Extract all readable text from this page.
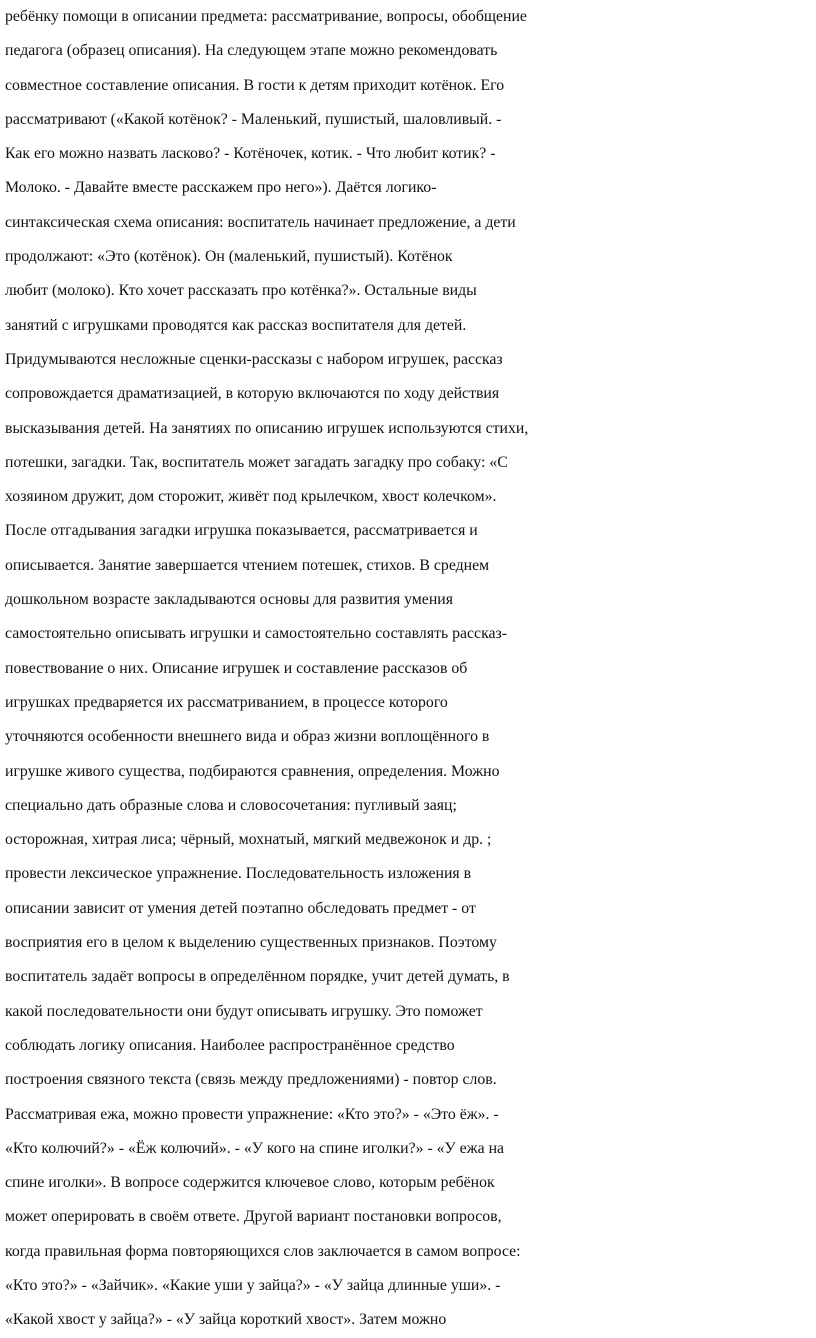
ребёнку помощи в описании предмета: рассматривание, вопросы, обобщение
педагога (образец описания). На следующем этапе можно рекомендовать
совместное составление описания. В гости к детям приходит котёнок. Его
рассматривают («Какой котёнок? - Маленький, пушистый, шаловливый. -
Как его можно назвать ласково? - Котёночек, котик. - Что любит котик? -
Молоко. - Давайте вместе расскажем про него»). Даётся логико-
синтаксическая схема описания: воспитатель начинает предложение, а дети
продолжают: «Это (котёнок). Он (маленький, пушистый). Котёнок
любит (молоко). Кто хочет рассказать про котёнка?». Остальные виды
занятий с игрушками проводятся как рассказ воспитателя для детей.
Придумываются несложные сценки-рассказы с набором игрушек, рассказ
сопровождается драматизацией, в которую включаются по ходу действия
высказывания детей. На занятиях по описанию игрушек используются стихи,
потешки, загадки. Так, воспитатель может загадать загадку про собаку: «С
хозяином дружит, дом сторожит, живёт под крылечком, хвост колечком».
После отгадывания загадки игрушка показывается, рассматривается и
описывается. Занятие завершается чтением потешек, стихов. В среднем
дошкольном возрасте закладываются основы для развития умения
самостоятельно описывать игрушки и самостоятельно составлять рассказ-
повествование о них. Описание игрушек и составление рассказов об
игрушках предваряется их рассматриванием, в процессе которого
уточняются особенности внешнего вида и образ жизни воплощённого в
игрушке живого существа, подбираются сравнения, определения. Можно
специально дать образные слова и словосочетания: пугливый заяц;
осторожная, хитрая лиса; чёрный, мохнатый, мягкий медвежонок и др. ;
провести лексическое упражнение. Последовательность изложения в
описании зависит от умения детей поэтапно обследовать предмет - от
восприятия его в целом к выделению существенных признаков. Поэтому
воспитатель задаёт вопросы в определённом порядке, учит детей думать, в
какой последовательности они будут описывать игрушку. Это поможет
соблюдать логику описания. Наиболее распространённое средство
построения связного текста (связь между предложениями) - повтор слов.
Рассматривая ежа, можно провести упражнение: «Кто это?» - «Это ёж». -
«Кто колючий?» - «Ёж колючий». - «У кого на спине иголки?» - «У ежа на
спине иголки». В вопросе содержится ключевое слово, которым ребёнок
может оперировать в своём ответе. Другой вариант постановки вопросов,
когда правильная форма повторяющихся слов заключается в самом вопросе:
«Кто это?» - «Зайчик». «Какие уши у зайца?» - «У зайца длинные уши». -
«Какой хвост у зайца?» - «У зайца короткий хвост». Затем можно
